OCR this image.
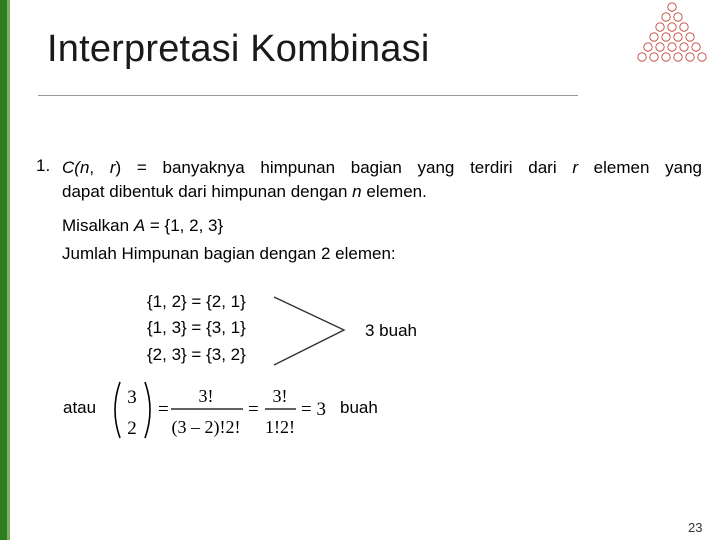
Interpretasi Kombinasi
1. C(n, r) = banyaknya himpunan bagian yang terdiri dari r elemen yang
dapat dibentuk dari himpunan dengan n elemen.
Misalkan A = {1, 2, 3}
Jumlah Himpunan bagian dengan 2 elemen:
{1, 2} = {2, 1}
{1, 3} = {3, 1}
{2, 3} = {3, 2}
3 buah
atau 3
2
=
3!
(3 – 2)!2!
=
3!
1!2!
= 3 buah
23
